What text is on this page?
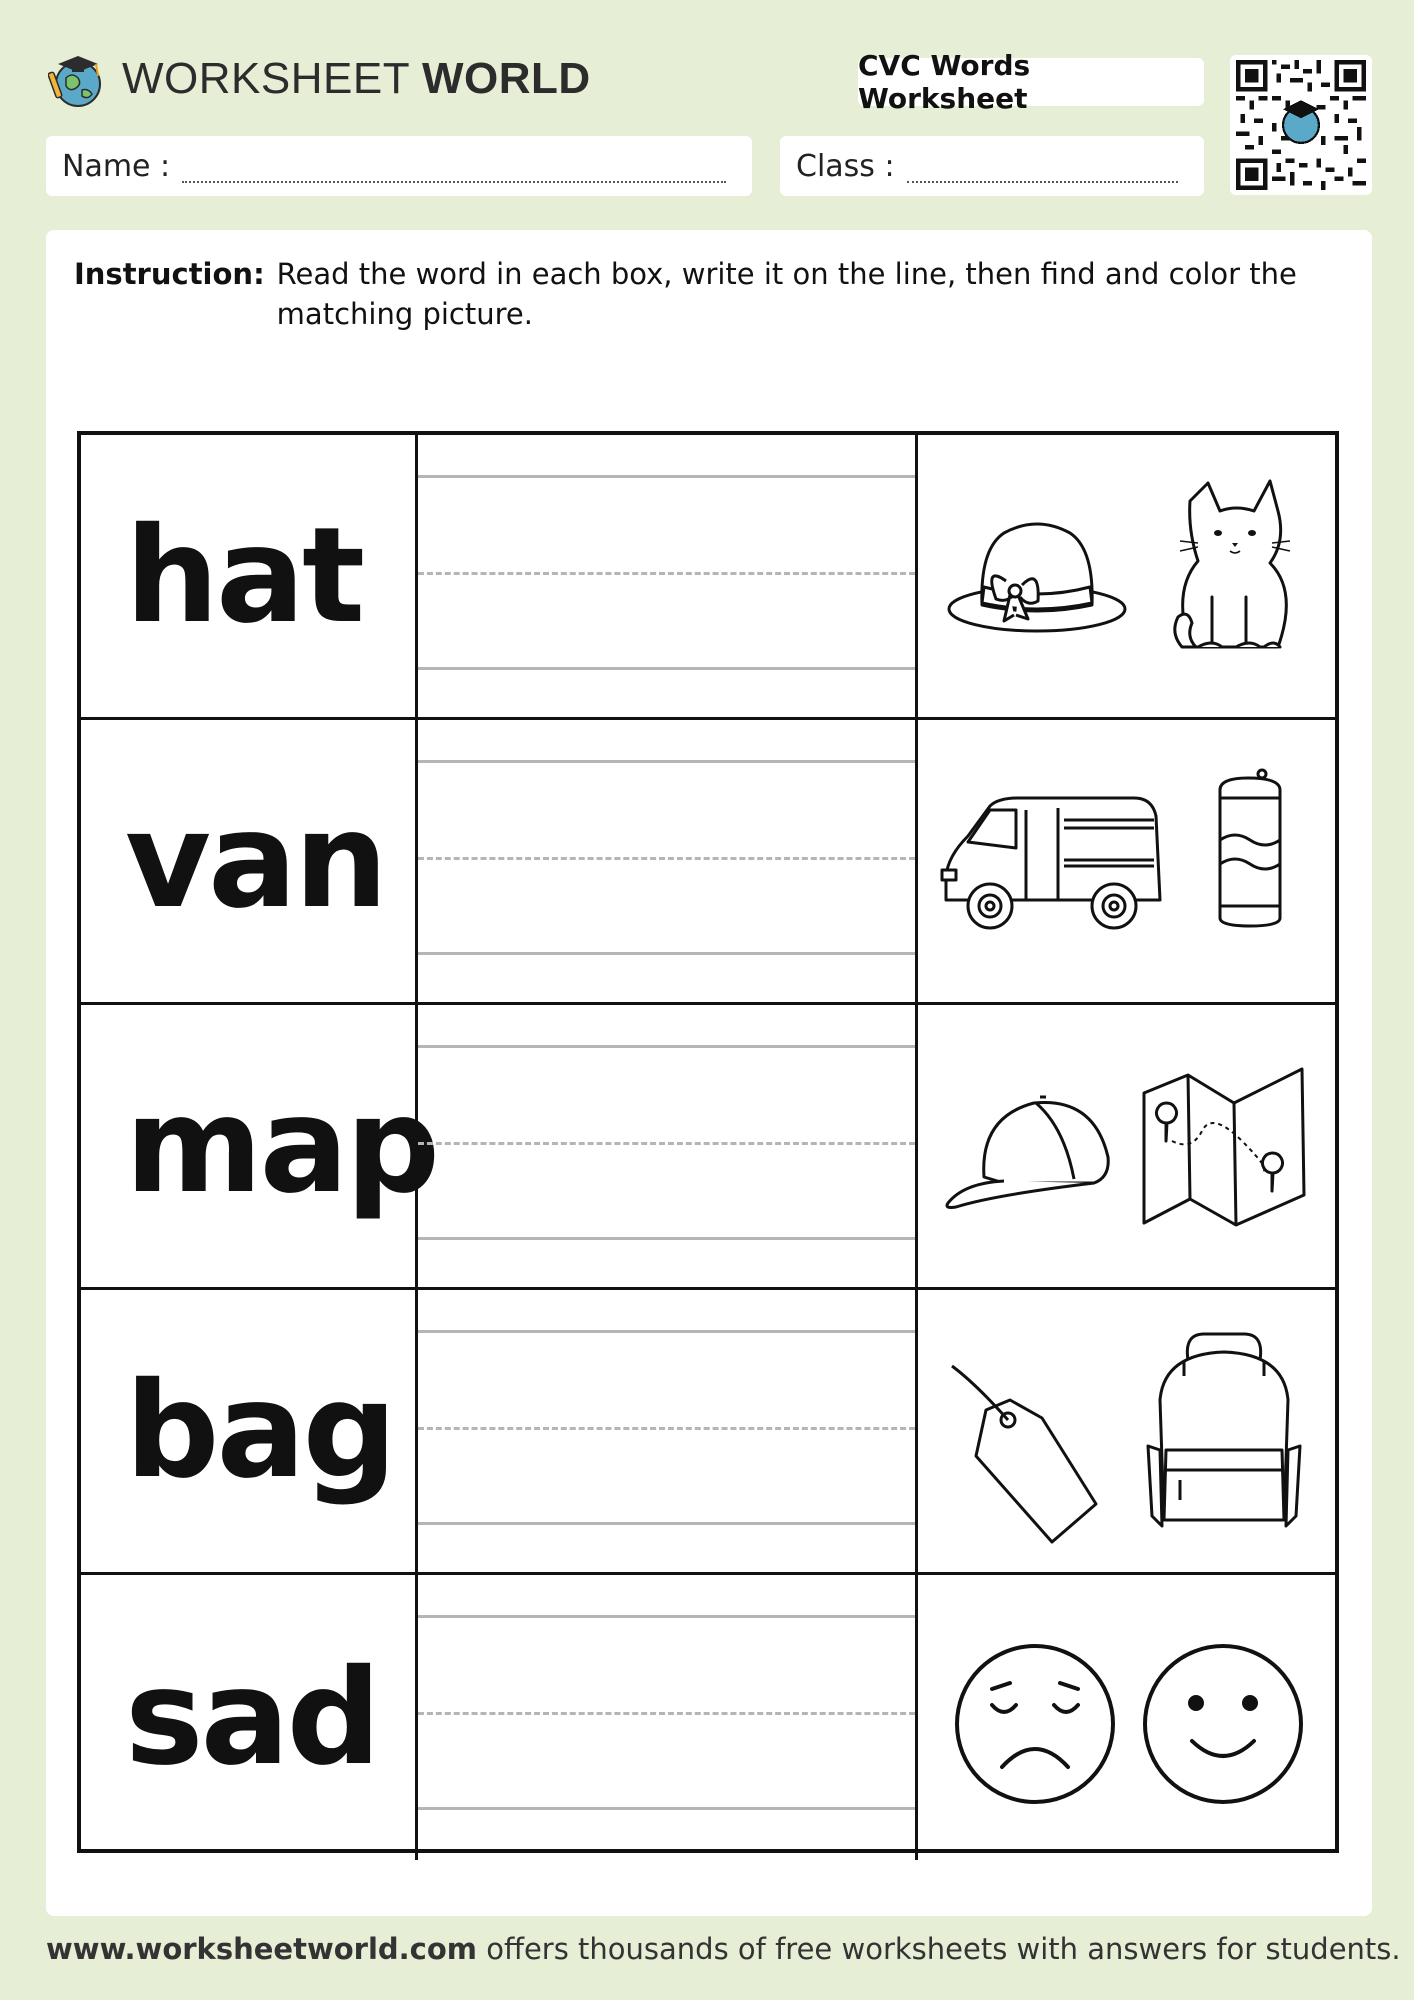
WORKSHEET WORLD	CVC Words Worksheet
Name :	Class :
Instruction: Read the word in each box, write it on the line, then find and color the matching picture.
hat
van
map
bag
sad
www.worksheetworld.com offers thousands of free worksheets with answers for students.
